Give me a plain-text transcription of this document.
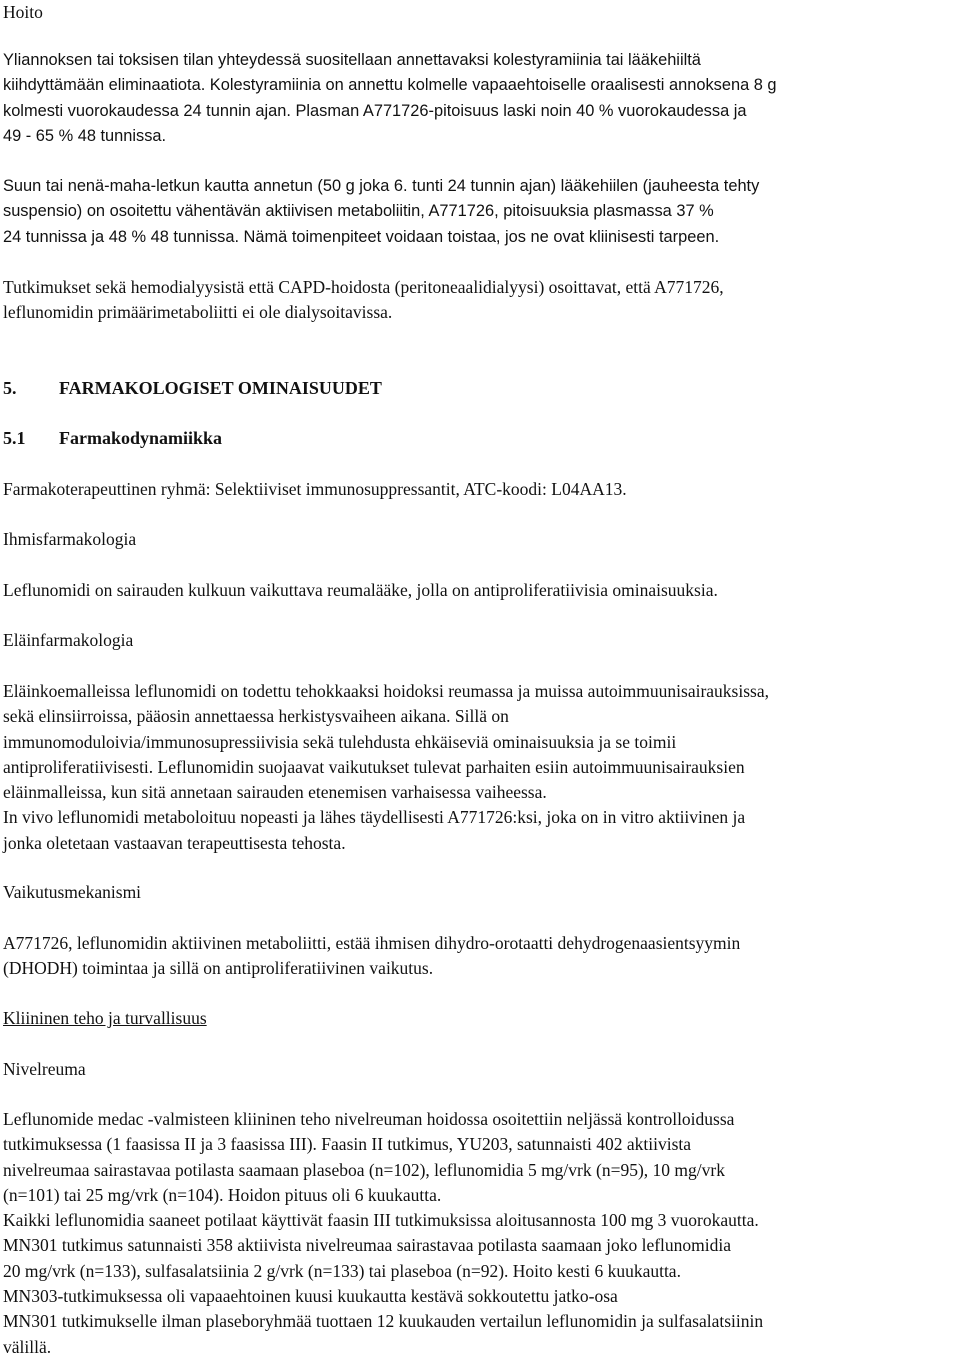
Hoito

Yliannoksen tai toksisen tilan yhteydessä suositellaan annettavaksi kolestyramiinia tai lääkehiiltä

kiihdyttämään eliminaatiota. Kolestyramiinia on annettu kolmelle vapaaehtoiselle oraalisesti annoksena 8 g

kolmesti vuorokaudessa 24 tunnin ajan. Plasman A771726-pitoisuus laski noin 40 % vuorokaudessa ja

49 - 65 % 48 tunnissa.

Suun tai nenä-maha-letkun kautta annetun (50 g joka 6. tunti 24 tunnin ajan) lääkehiilen (jauheesta tehty

suspensio) on osoitettu vähentävän aktiivisen metaboliitin, A771726, pitoisuuksia plasmassa 37 %

24 tunnissa ja 48 % 48 tunnissa. Nämä toimenpiteet voidaan toistaa, jos ne ovat kliinisesti tarpeen.

Tutkimukset sekä hemodialyysistä että CAPD-hoidosta (peritoneaalidialyysi) osoittavat, että A771726,

leflunomidin primäärimetaboliitti ei ole dialysoitavissa.

5. FARMAKOLOGISET OMINAISUUDET
5.1 Farmakodynamiikka

Farmakoterapeuttinen ryhmä: Selektiiviset immunosuppressantit, ATC-koodi: L04AA13.

Ihmisfarmakologia

Leflunomidi on sairauden kulkuun vaikuttava reumalääke, jolla on antiproliferatiivisia ominaisuuksia.

Eläinfarmakologia

Eläinkoemalleissa leflunomidi on todettu tehokkaaksi hoidoksi reumassa ja muissa autoimmuunisairauksissa,

sekä elinsiirroissa, pääosin annettaessa herkistysvaiheen aikana. Sillä on

immunomoduloivia/immunosupressiivisia sekä tulehdusta ehkäiseviä ominaisuuksia ja se toimii

antiproliferatiivisesti. Leflunomidin suojaavat vaikutukset tulevat parhaiten esiin autoimmuunisairauksien

eläinmalleissa, kun sitä annetaan sairauden etenemisen varhaisessa vaiheessa.

In vivo leflunomidi metaboloituu nopeasti ja lähes täydellisesti A771726:ksi, joka on in vitro aktiivinen ja

jonka oletetaan vastaavan terapeuttisesta tehosta.

Vaikutusmekanismi

A771726, leflunomidin aktiivinen metaboliitti, estää ihmisen dihydro-orotaatti dehydrogenaasientsyymin

(DHODH) toimintaa ja sillä on antiproliferatiivinen vaikutus.

Kliininen teho ja turvallisuus

Nivelreuma

Leflunomide medac -valmisteen kliininen teho nivelreuman hoidossa osoitettiin neljässä kontrolloidussa

tutkimuksessa (1 faasissa II ja 3 faasissa III). Faasin II tutkimus, YU203, satunnaisti 402 aktiivista

nivelreumaa sairastavaa potilasta saamaan plaseboa (n=102), leflunomidia 5 mg/vrk (n=95), 10 mg/vrk

(n=101) tai 25 mg/vrk (n=104). Hoidon pituus oli 6 kuukautta.

Kaikki leflunomidia saaneet potilaat käyttivät faasin III tutkimuksissa aloitusannosta 100 mg 3 vuorokautta.

MN301 tutkimus satunnaisti 358 aktiivista nivelreumaa sairastavaa potilasta saamaan joko leflunomidia

20 mg/vrk (n=133), sulfasalatsiinia 2 g/vrk (n=133) tai plaseboa (n=92). Hoito kesti 6 kuukautta.

MN303-tutkimuksessa oli vapaaehtoinen kuusi kuukautta kestävä sokkoutettu jatko-osa

MN301 tutkimukselle ilman plaseboryhmää tuottaen 12 kuukauden vertailun leflunomidin ja sulfasalatsiinin

välillä.
